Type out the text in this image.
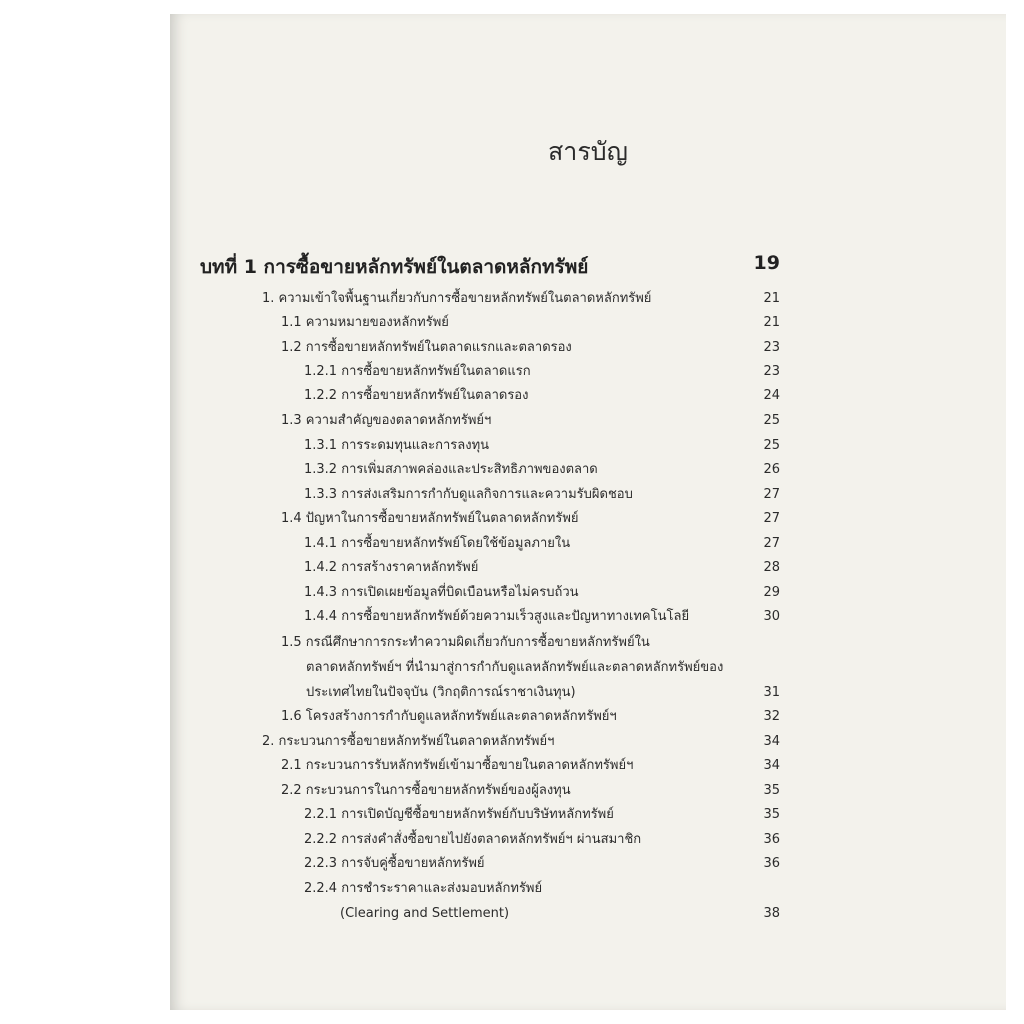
สารบัญ
บทที่ 1 การซื้อขายหลักทรัพย์ในตลาดหลักทรัพย์	19
1. ความเข้าใจพื้นฐานเกี่ยวกับการซื้อขายหลักทรัพย์ในตลาดหลักทรัพย์	21
1.1 ความหมายของหลักทรัพย์	21
1.2 การซื้อขายหลักทรัพย์ในตลาดแรกและตลาดรอง	23
1.2.1 การซื้อขายหลักทรัพย์ในตลาดแรก	23
1.2.2 การซื้อขายหลักทรัพย์ในตลาดรอง	24
1.3 ความสำคัญของตลาดหลักทรัพย์ฯ	25
1.3.1 การระดมทุนและการลงทุน	25
1.3.2 การเพิ่มสภาพคล่องและประสิทธิภาพของตลาด	26
1.3.3 การส่งเสริมการกำกับดูแลกิจการและความรับผิดชอบ	27
1.4 ปัญหาในการซื้อขายหลักทรัพย์ในตลาดหลักทรัพย์	27
1.4.1 การซื้อขายหลักทรัพย์โดยใช้ข้อมูลภายใน	27
1.4.2 การสร้างราคาหลักทรัพย์	28
1.4.3 การเปิดเผยข้อมูลที่บิดเบือนหรือไม่ครบถ้วน	29
1.4.4 การซื้อขายหลักทรัพย์ด้วยความเร็วสูงและปัญหาทางเทคโนโลยี	30
1.5 กรณีศึกษาการกระทำความผิดเกี่ยวกับการซื้อขายหลักทรัพย์ใน
ตลาดหลักทรัพย์ฯ ที่นำมาสู่การกำกับดูแลหลักทรัพย์และตลาดหลักทรัพย์ของ
ประเทศไทยในปัจจุบัน (วิกฤติการณ์ราชาเงินทุน)	31
1.6 โครงสร้างการกำกับดูแลหลักทรัพย์และตลาดหลักทรัพย์ฯ	32
2. กระบวนการซื้อขายหลักทรัพย์ในตลาดหลักทรัพย์ฯ	34
2.1 กระบวนการรับหลักทรัพย์เข้ามาซื้อขายในตลาดหลักทรัพย์ฯ	34
2.2 กระบวนการในการซื้อขายหลักทรัพย์ของผู้ลงทุน	35
2.2.1 การเปิดบัญชีซื้อขายหลักทรัพย์กับบริษัทหลักทรัพย์	35
2.2.2 การส่งคำสั่งซื้อขายไปยังตลาดหลักทรัพย์ฯ ผ่านสมาชิก	36
2.2.3 การจับคู่ซื้อขายหลักทรัพย์	36
2.2.4 การชำระราคาและส่งมอบหลักทรัพย์
(Clearing and Settlement)	38
